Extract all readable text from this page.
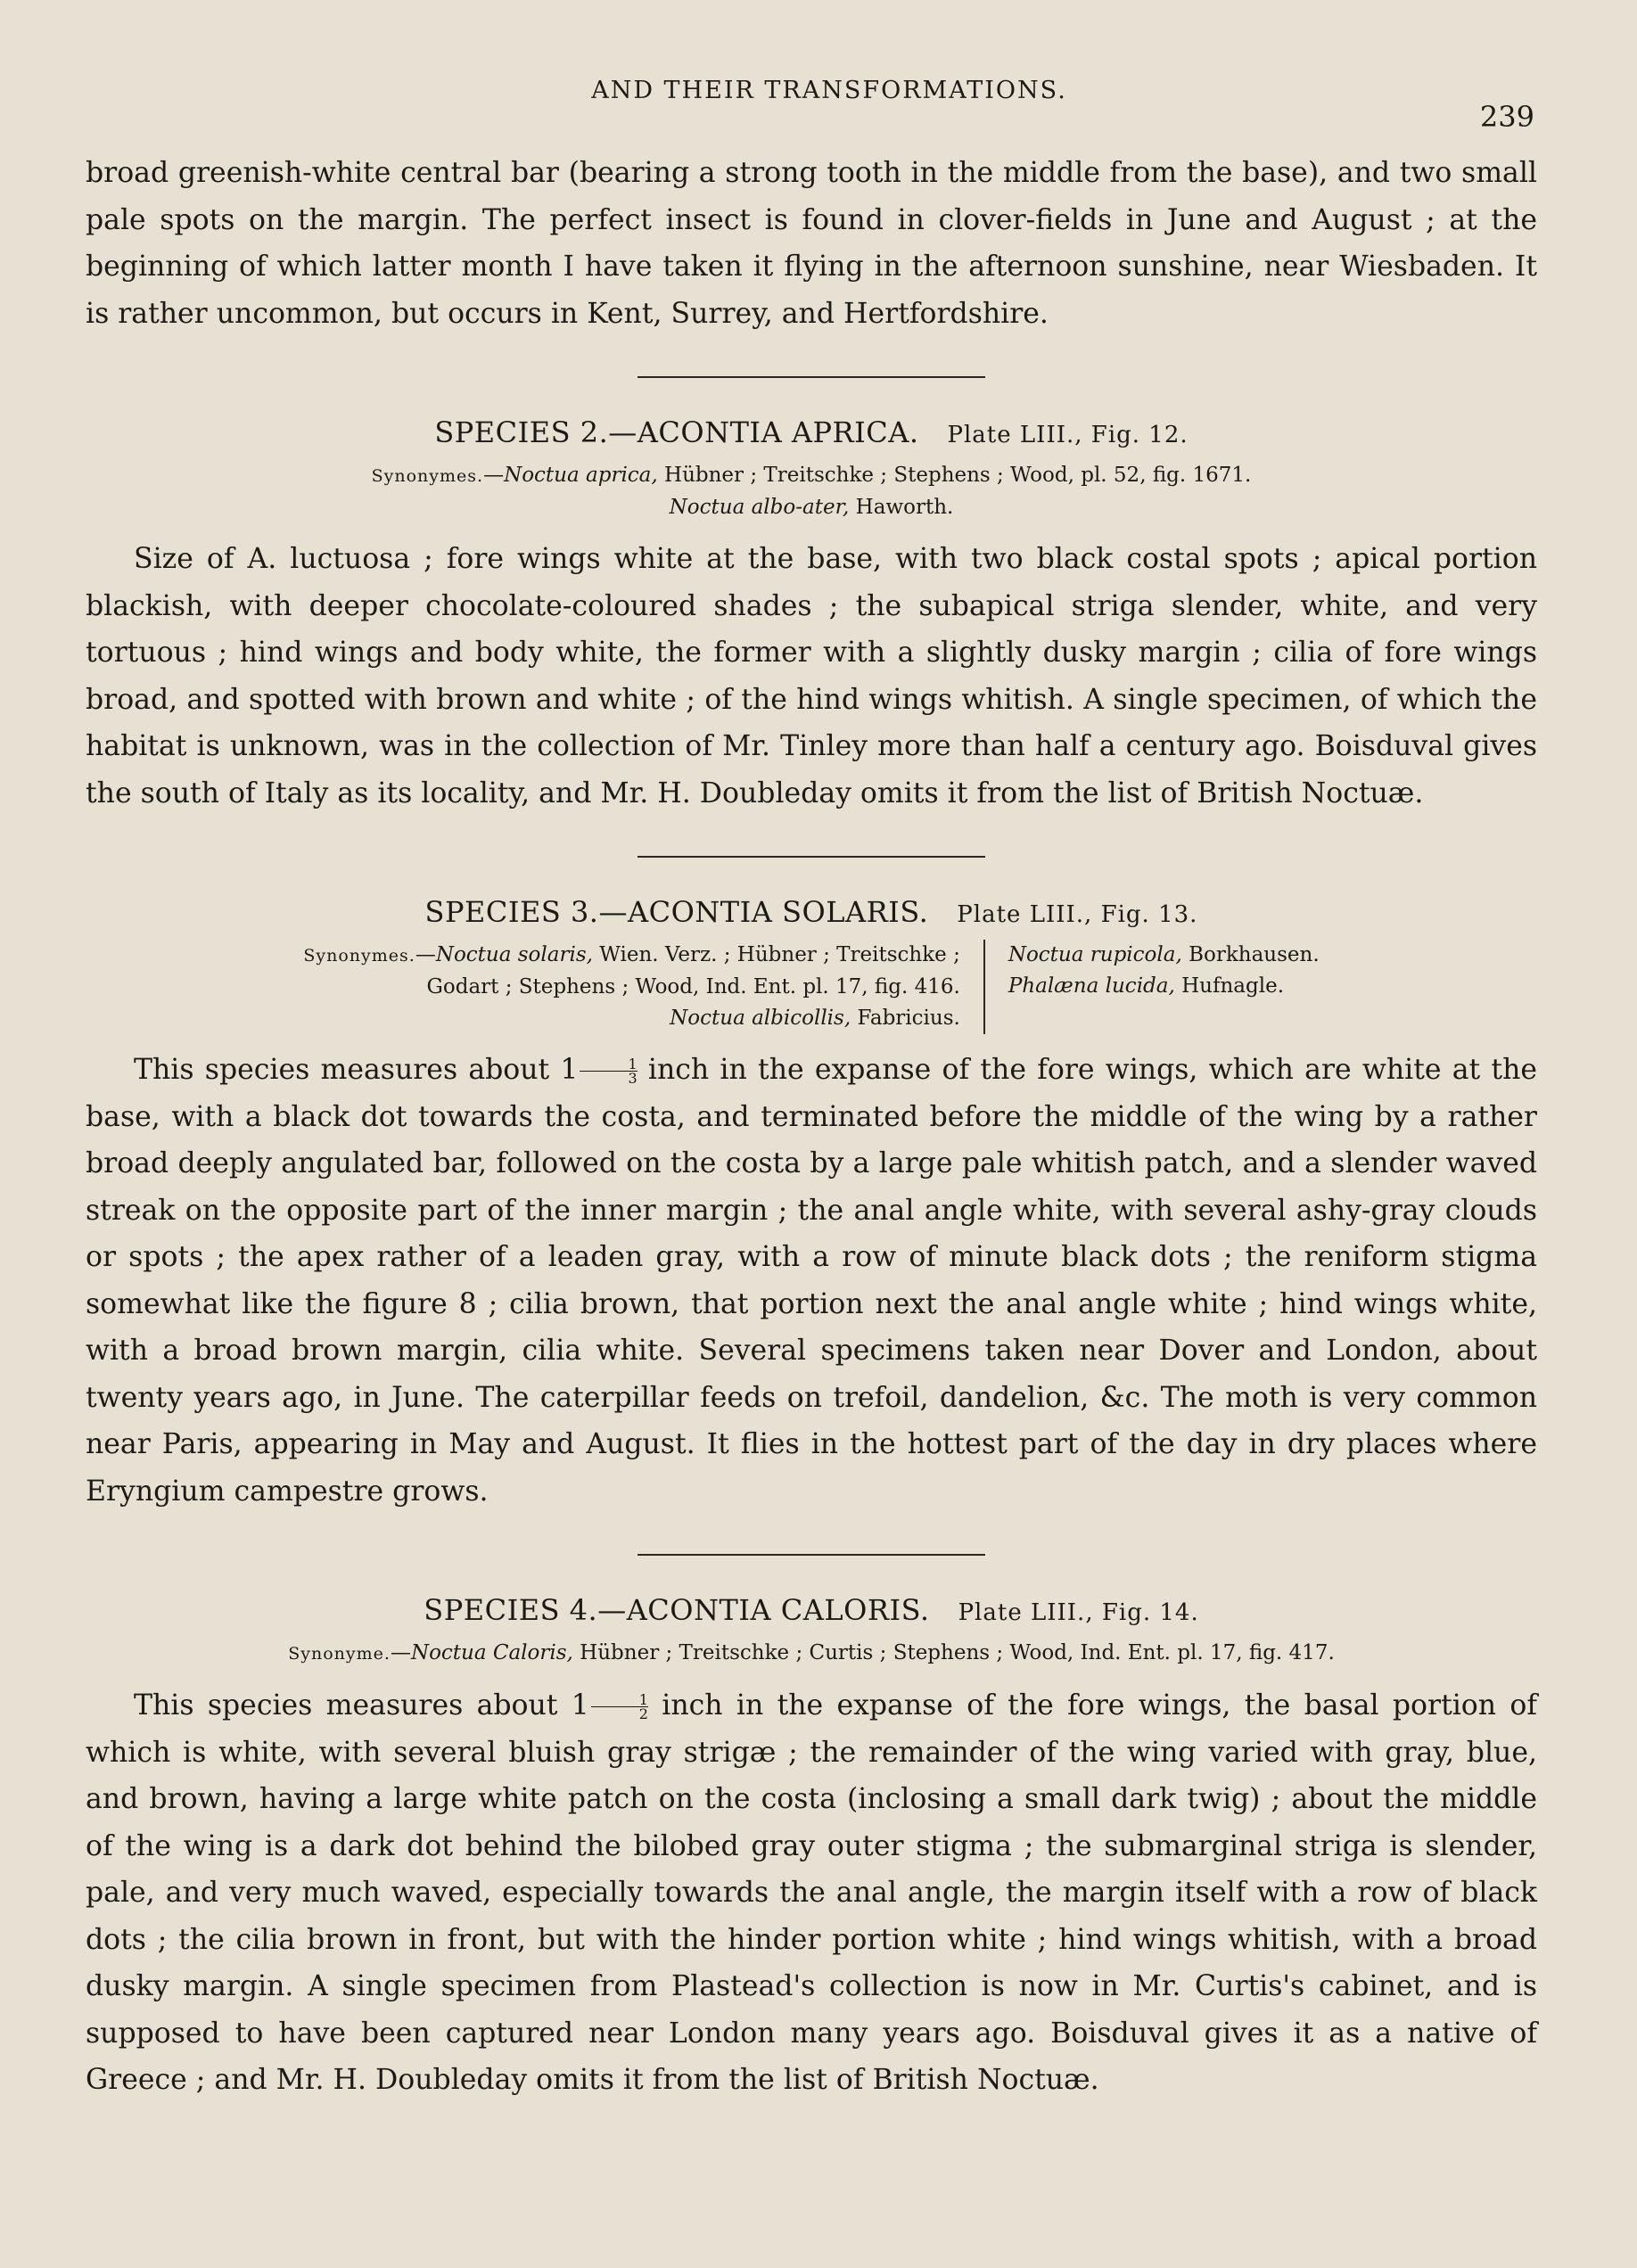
AND THEIR TRANSFORMATIONS.
239

broad greenish-white central bar (bearing a strong tooth in the middle from the base), and two small pale spots on the margin. The perfect insect is found in clover-fields in June and August ; at the beginning of which latter month I have taken it flying in the afternoon sunshine, near Wiesbaden. It is rather uncommon, but occurs in Kent, Surrey, and Hertfordshire.

SPECIES 2.—ACONTIA APRICA. Plate LIII., Fig. 12.
Synonymes.—Noctua aprica, Hübner ; Treitschke ; Stephens ; Wood, pl. 52, fig. 1671.
Noctua albo-ater, Haworth.

Size of A. luctuosa ; fore wings white at the base, with two black costal spots ; apical portion blackish, with deeper chocolate-coloured shades ; the subapical striga slender, white, and very tortuous ; hind wings and body white, the former with a slightly dusky margin ; cilia of fore wings broad, and spotted with brown and white ; of the hind wings whitish. A single specimen, of which the habitat is unknown, was in the collection of Mr. Tinley more than half a century ago. Boisduval gives the south of Italy as its locality, and Mr. H. Doubleday omits it from the list of British Noctuæ.

SPECIES 3.—ACONTIA SOLARIS. Plate LIII., Fig. 13.
Synonymes.—Noctua solaris, Wien. Verz. ; Hübner ; Treitschke ;
Godart ; Stephens ; Wood, Ind. Ent. pl. 17, fig. 416.
Noctua albicollis, Fabricius.
Noctua rupicola, Borkhausen.
Phalæna lucida, Hufnagle.

This species measures about $1 \frac{1}{3}$ inch in the expanse of the fore wings, which are white at the base, with a black dot towards the costa, and terminated before the middle of the wing by a rather broad deeply angulated bar, followed on the costa by a large pale whitish patch, and a slender waved streak on the opposite part of the inner margin ; the anal angle white, with several ashy-gray clouds or spots ; the apex rather of a leaden gray, with a row of minute black dots ; the reniform stigma somewhat like the figure 8 ; cilia brown, that portion next the anal angle white ; hind wings white, with a broad brown margin, cilia white. Several specimens taken near Dover and London, about twenty years ago, in June. The caterpillar feeds on trefoil, dandelion, &c. The moth is very common near Paris, appearing in May and August. It flies in the hottest part of the day in dry places where Eryngium campestre grows.

SPECIES 4.—ACONTIA CALORIS. Plate LIII., Fig. 14.
Synonyme.—Noctua Caloris, Hübner ; Treitschke ; Curtis ; Stephens ; Wood, Ind. Ent. pl. 17, fig. 417.

This species measures about $1 \frac{1}{2}$ inch in the expanse of the fore wings, the basal portion of which is white, with several bluish gray strigæ ; the remainder of the wing varied with gray, blue, and brown, having a large white patch on the costa (inclosing a small dark twig) ; about the middle of the wing is a dark dot behind the bilobed gray outer stigma ; the submarginal striga is slender, pale, and very much waved, especially towards the anal angle, the margin itself with a row of black dots ; the cilia brown in front, but with the hinder portion white ; hind wings whitish, with a broad dusky margin. A single specimen from Plastead's collection is now in Mr. Curtis's cabinet, and is supposed to have been captured near London many years ago. Boisduval gives it as a native of Greece ; and Mr. H. Doubleday omits it from the list of British Noctuæ.
